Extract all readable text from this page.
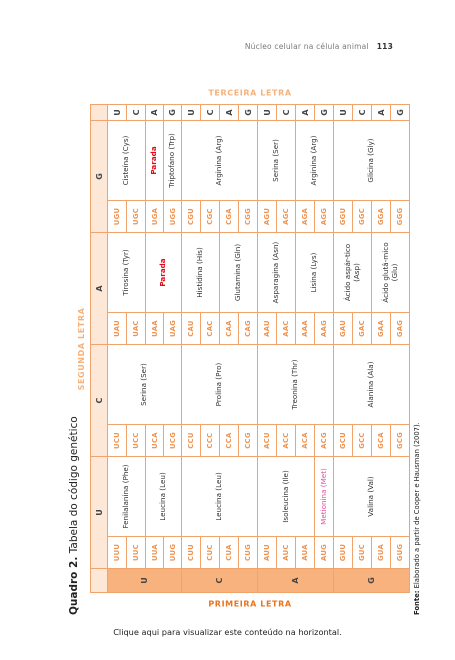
Núcleo celular na célula animal 113
Quadro 2. Tabela do código genético
SEGUNDA LETRA
PRIMEIRA LETRA
TERCEIRA LETRA
	U		C		A		G		
U	UUU	Fenilalanina (Phe)	UCU	Serina (Ser)	UAU	Tirosina (Tyr)	UGU	Cisteína (Cys)	U
	UUC		UCC		UAC		UGC		C
	UUA	Leucina (Leu)	UCA		UAA	Parada	UGA	Parada	A
	UUG		UCG		UAG		UGG	Triptofano (Trp)	G
C	CUU	Leucina (Leu)	CCU	Prolina (Pro)	CAU	Histidina (His)	CGU	Arginina (Arg)	U
	CUC		CCC		CAC		CGC		C
	CUA		CCA		CAA	Glutamina (Gln)	CGA		A
	CUG		CCG		CAG		CGG		G
A	AUU	Isoleucina (Ile)	ACU	Treonina (Thr)	AAU	Asparagina (Asn)	AGU	Serina (Ser)	U
	AUC		ACC		AAC		AGC		C
	AUA		ACA		AAA	Lisina (Lys)	AGA	Arginina (Arg)	A
	AUG	Metionina (Met)	ACG		AAG		AGG		G
G	GUU	Valina (Val)	GCU	Alanina (Ala)	GAU	Ácido aspár-tico (Asp)	GGU	Glicina (Gly)	U
	GUC		GCC		GAC		GGC		C
	GUA		GCA		GAA	Ácido glutâ-mico (Glu)	GGA		A
	GUG		GCG		GAG		GGG		G
Fonte: Elaborado a partir de Cooper e Hausman (2007).
Clique aqui para visualizar este conteúdo na horizontal.
